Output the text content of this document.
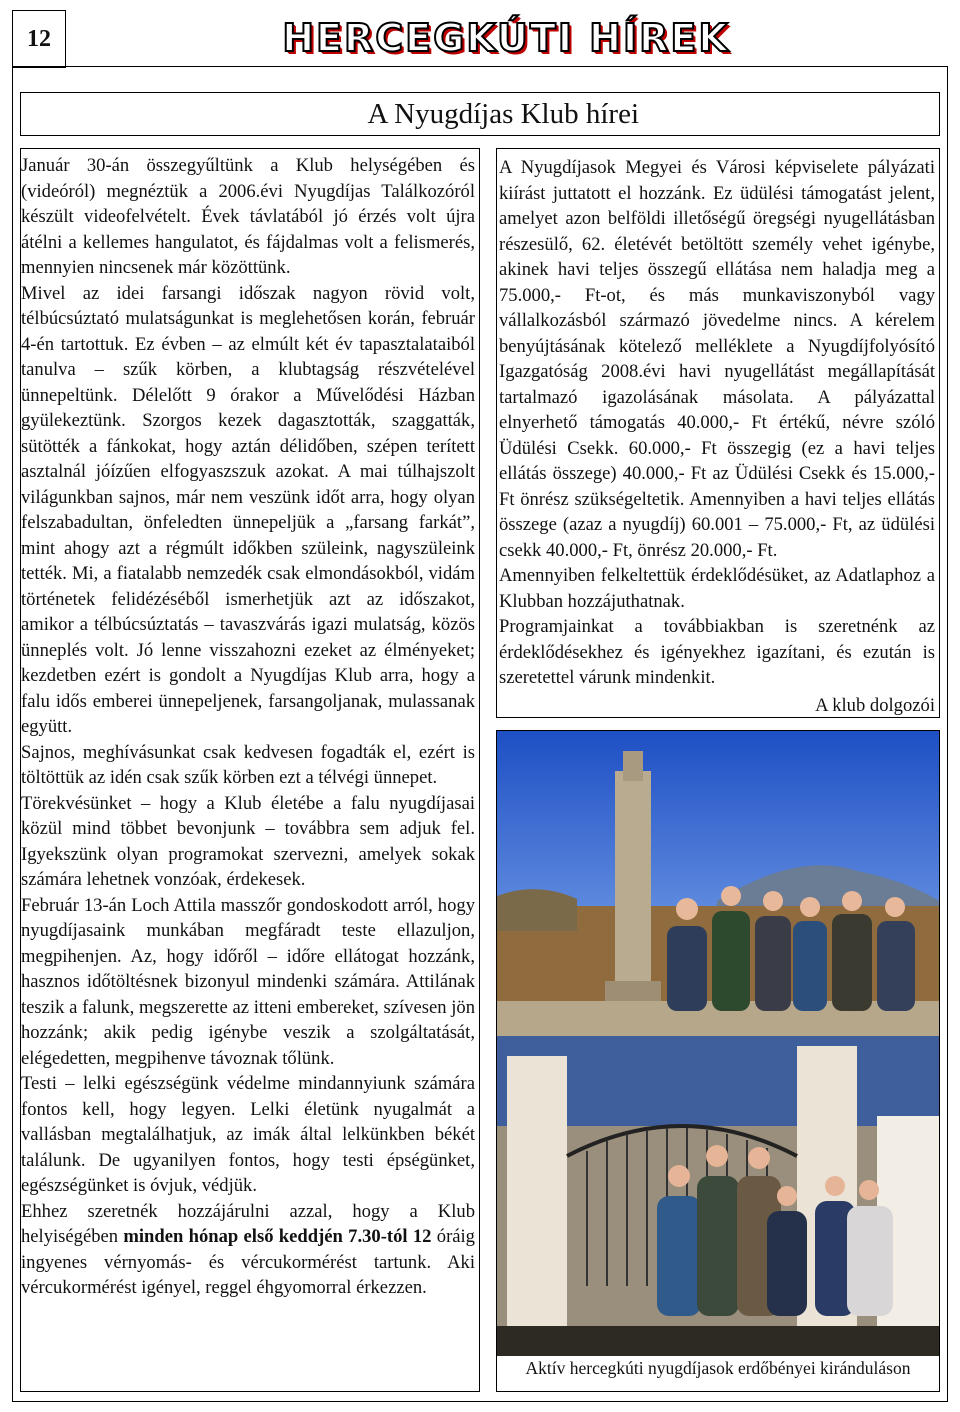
12	HERCEGKÚTI HÍREK
A Nyugdíjas Klub hírei

Január 30-án összegyűltünk a Klub helységében és (videóról) megnéztük a 2006.évi Nyugdíjas Találkozóról készült videofelvételt. Évek távlatából jó érzés volt újra átélni a kellemes hangulatot, és fájdalmas volt a felismerés, mennyien nincsenek már közöttünk.

Mivel az idei farsangi időszak nagyon rövid volt, télbúcsúztató mulatságunkat is meglehetősen korán, február 4-én tartottuk. Ez évben – az elmúlt két év tapasztalataiból tanulva – szűk körben, a klubtagság részvételével ünnepeltünk. Délelőtt 9 órakor a Művelődési Házban gyülekeztünk. Szorgos kezek dagasztották, szaggatták, sütötték a fánkokat, hogy aztán délidőben, szépen terített asztalnál jóízűen elfogyaszszuk azokat. A mai túlhajszolt világunkban sajnos, már nem veszünk időt arra, hogy olyan felszabadultan, önfeledten ünnepeljük a „farsang farkát”, mint ahogy azt a régmúlt időkben szüleink, nagyszüleink tették. Mi, a fiatalabb nemzedék csak elmondásokból, vidám történetek felidézéséből ismerhetjük azt az időszakot, amikor a télbúcsúztatás – tavaszvárás igazi mulatság, közös ünneplés volt. Jó lenne visszahozni ezeket az élményeket; kezdetben ezért is gondolt a Nyugdíjas Klub arra, hogy a falu idős emberei ünnepeljenek, farsangoljanak, mulassanak együtt.

Sajnos, meghívásunkat csak kedvesen fogadták el, ezért is töltöttük az idén csak szűk körben ezt a télvégi ünnepet.

Törekvésünket – hogy a Klub életébe a falu nyugdíjasai közül mind többet bevonjunk – továbbra sem adjuk fel. Igyekszünk olyan programokat szervezni, amelyek sokak számára lehetnek vonzóak, érdekesek.

Február 13-án Loch Attila masszőr gondoskodott arról, hogy nyugdíjasaink munkában megfáradt teste ellazuljon, megpihenjen. Az, hogy időről – időre ellátogat hozzánk, hasznos időtöltésnek bizonyul mindenki számára. Attilának teszik a falunk, megszerette az itteni embereket, szívesen jön hozzánk; akik pedig igénybe veszik a szolgáltatását, elégedetten, megpihenve távoznak tőlünk.

Testi – lelki egészségünk védelme mindannyiunk számára fontos kell, hogy legyen. Lelki életünk nyugalmát a vallásban megtalálhatjuk, az imák által lelkünkben békét találunk. De ugyanilyen fontos, hogy testi épségünket, egészségünket is óvjuk, védjük.

Ehhez szeretnék hozzájárulni azzal, hogy a Klub helyiségében minden hónap első keddjén 7.30-tól 12 óráig ingyenes vérnyomás- és vércukormérést tartunk. Aki vércukormérést igényel, reggel éhgyomorral érkezzen.

A Nyugdíjasok Megyei és Városi képviselete pályázati kiírást juttatott el hozzánk. Ez üdülési támogatást jelent, amelyet azon belföldi illetőségű öregségi nyugellátásban részesülő, 62. életévét betöltött személy vehet igénybe, akinek havi teljes összegű ellátása nem haladja meg a 75.000,- Ft-ot, és más munkaviszonyból vagy vállalkozásból származó jövedelme nincs. A kérelem benyújtásának kötelező melléklete a Nyugdíjfolyósító Igazgatóság 2008.évi havi nyugellátást megállapítását tartalmazó igazolásának másolata. A pályázattal elnyerhető támogatás 40.000,- Ft értékű, névre szóló Üdülési Csekk. 60.000,- Ft összegig (ez a havi teljes ellátás összege) 40.000,- Ft az Üdülési Csekk és 15.000,- Ft önrész szükségeltetik. Amennyiben a havi teljes ellátás összege (azaz a nyugdíj) 60.001 – 75.000,- Ft, az üdülési csekk 40.000,- Ft, önrész 20.000,- Ft.

Amennyiben felkeltettük érdeklődésüket, az Adatlaphoz a Klubban hozzájuthatnak.

Programjainkat a továbbiakban is szeretnénk az érdeklődésekhez és igényekhez igazítani, és ezután is szeretettel várunk mindenkit.

A klub dolgozói

Aktív hercegkúti nyugdíjasok erdőbényei kiránduláson
